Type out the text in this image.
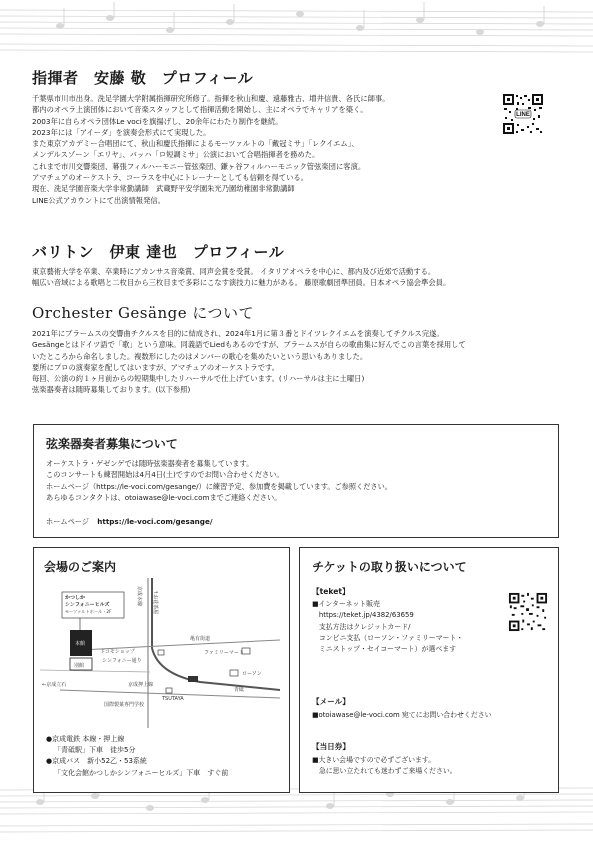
指揮者　安藤 敬　プロフィール
千葉県市川市出身。洗足学園大学附属指揮研究所修了。指揮を秋山和慶、遠藤雅古、増井信貴、各氏に師事。
都内のオペラ上演団体において音楽スタッフとして指揮活動を開始し、主にオペラでキャリアを築く。
2003年に自らオペラ団体Le vociを旗揚げし、20余年にわたり制作を継続。
2023年には「アイーダ」を演奏会形式にて実現した。
また東京アカデミー合唱団にて、秋山和慶氏指揮によるモーツァルトの「戴冠ミサ」「レクイエム」、
メンデルスゾーン「エリヤ」、バッハ「ロ短調ミサ」公演において合唱指揮者を務めた。
これまで市川交響楽団、幕張フィルハーモニー管弦楽団、鎌ヶ谷フィルハーモニック管弦楽団に客演。
アマチュアのオーケストラ、コーラスを中心にトレーナーとしても信頼を得ている。
現在、洗足学園音楽大学非常勤講師　武蔵野平安学園朱光乃園幼稚園非常勤講師
LINE公式アカウントにて出演情報発信。
LINE
バリトン　伊東 達也　プロフィール
東京藝術大学を卒業、卒業時にアカンサス音楽賞、同声会賞を受賞。 イタリアオペラを中心に、都内及び近郊で活動する。
幅広い音域による歌唱と二枚目から三枚目まで多彩にこなす演技力に魅力がある。 藤原歌劇団準団員。日本オペラ協会準会員。
Orchester Gesänge について
2021年にブラームスの交響曲チクルスを目的に結成され、2024年1月に第３番とドイツレクイエムを演奏してチクルス完遂。
Gesängeとはドイツ語で「歌」という意味。同義語でLiedもあるのですが、ブラームスが自らの歌曲集に好んでこの言葉を採用して
いたところから命名しました。複数形にしたのはメンバーの歌心を集めたいという思いもありました。
要所にプロの演奏家を配してはいますが、アマチュアのオーケストラです。
毎回、公演の約１ヶ月前からの短期集中したリハーサルで仕上げています。(リハーサルは主に土曜日)
弦楽器奏者は随時募集しております。(以下参照)
弦楽器奏者募集について
オーケストラ・ゲゼンゲでは随時弦楽器奏者を募集しています。
このコンサートも練習開始は4月4日(土)ですのでお問い合わせください。
ホームページ（https://le-voci.com/gesange/）に練習予定、参加費を掲載しています。ご参照ください。
あらゆるコンタクトは、otoiawase@le-voci.comまでご連絡ください。
ホームページ https://le-voci.com/gesange/
会場のご案内
本館
別館
かつしか
シンフォニーヒルズ
モーツァルトホール・2F	↑お花茶屋
京成本線
亀有街道
ファミリーマート
ローソン
青砥
ドコモショップ
シンフォニー通り
←京成立石	京成押上線
TSUTAYA
国際製菓専門学校
●京成電鉄 本線・押上線
「青砥駅」下車　徒歩5分
●京成バス　新小52乙・53系統
「文化会館かつしかシンフォニーヒルズ」下車　すぐ前
チケットの取り扱いについて
【teket】
■インターネット販売
　https://teket.jp/4382/63659
　支払方法はクレジットカード/
　コンビニ支払（ローソン・ファミリーマート・
　ミニストップ・セイコーマート）が選べます
【メール】
■otoiawase@le-voci.com 宛てにお問い合わせください
【当日券】
■大きい会場ですので必ずございます。
　急に思い立たれても迷わずご来場ください。
